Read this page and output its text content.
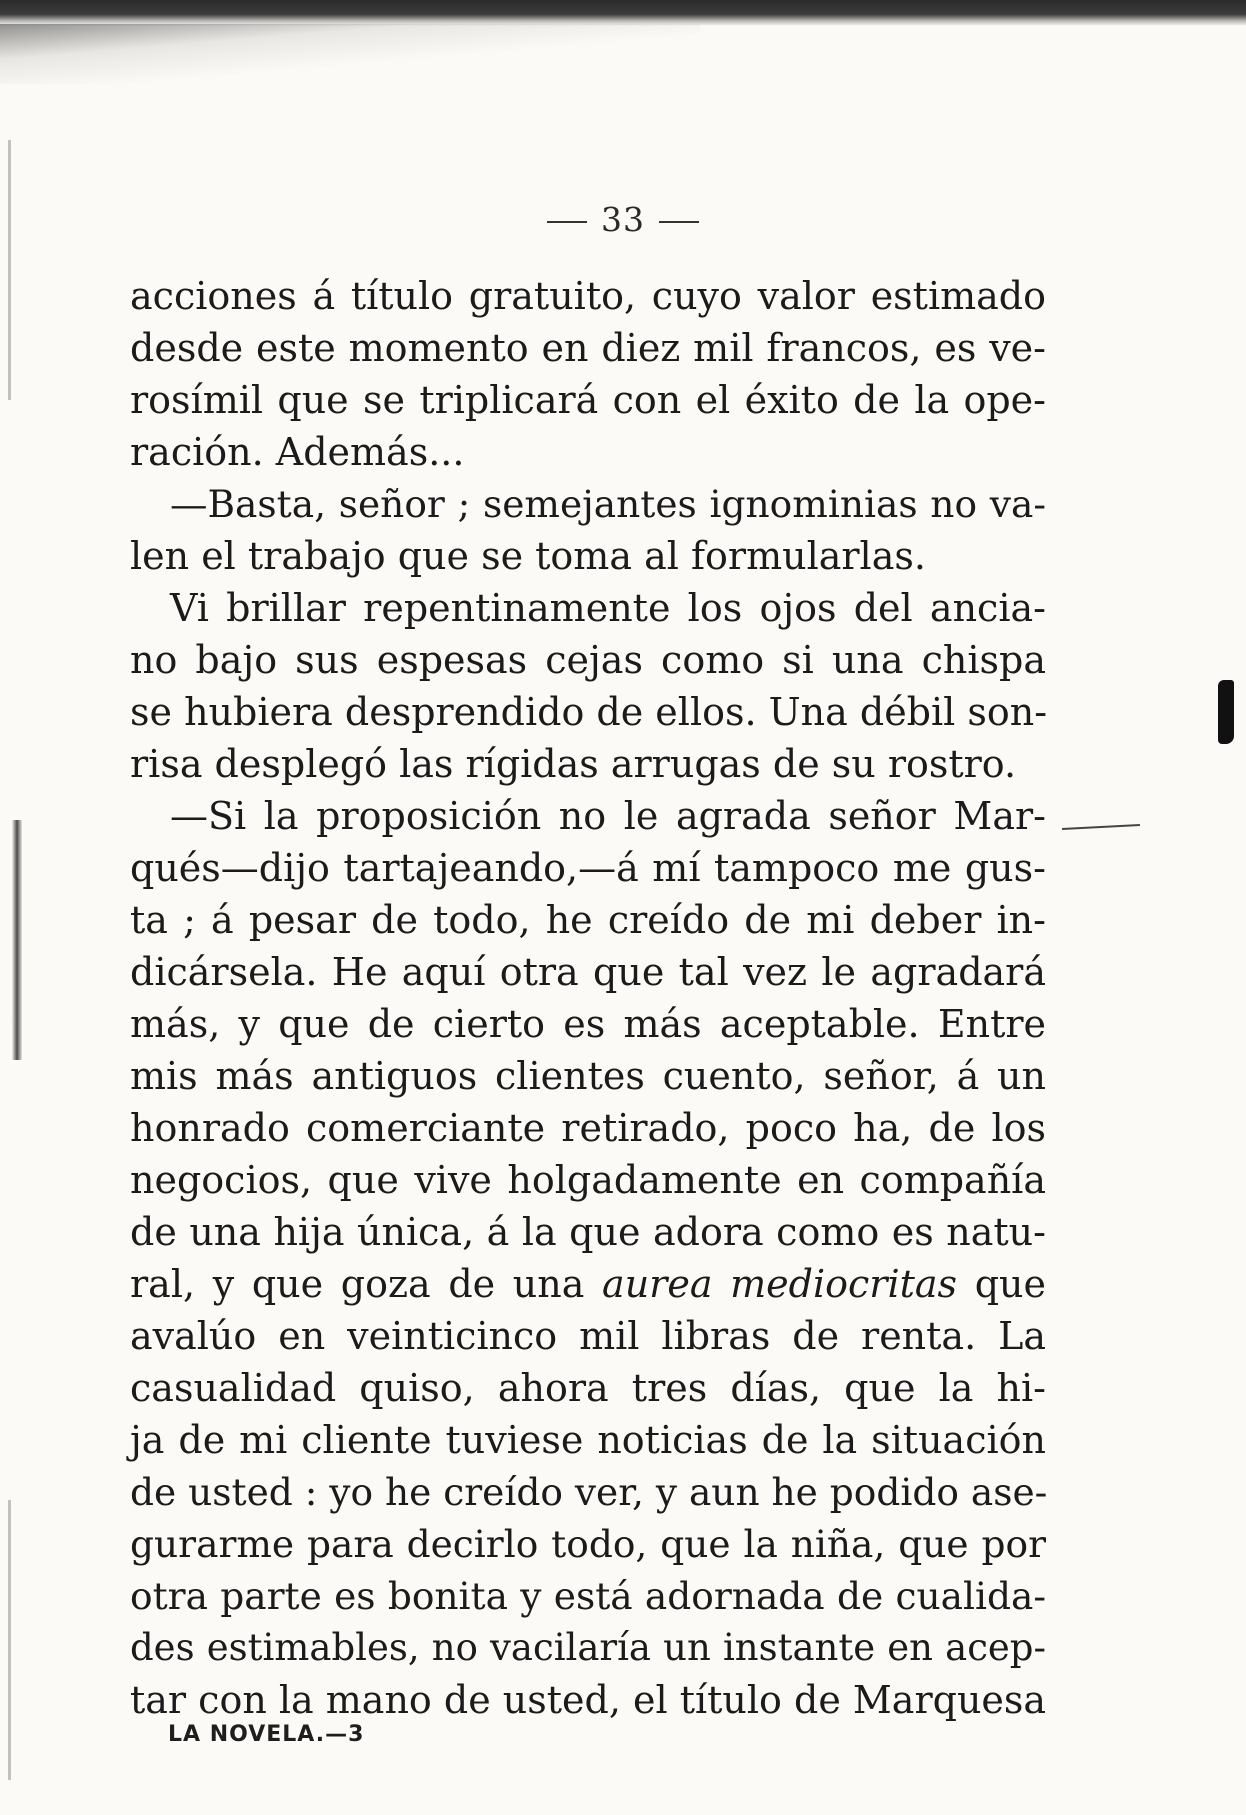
33
acciones á título gratuito, cuyo valor estimado
desde este momento en diez mil francos, es ve-
rosímil que se triplicará con el éxito de la ope-
ración. Además...
—Basta, señor ; semejantes ignominias no va-
len el trabajo que se toma al formularlas.
Vi brillar repentinamente los ojos del ancia-
no bajo sus espesas cejas como si una chispa
se hubiera desprendido de ellos. Una débil son-
risa desplegó las rígidas arrugas de su rostro.
—Si la proposición no le agrada señor Mar-
qués—dijo tartajeando,—á mí tampoco me gus-
ta ; á pesar de todo, he creído de mi deber in-
dicársela. He aquí otra que tal vez le agradará
más, y que de cierto es más aceptable. Entre
mis más antiguos clientes cuento, señor, á un
honrado comerciante retirado, poco ha, de los
negocios, que vive holgadamente en compañía
de una hija única, á la que adora como es natu-
ral, y que goza de una aurea mediocritas que
avalúo en veinticinco mil libras de renta. La
casualidad quiso, ahora tres días, que la hi-
ja de mi cliente tuviese noticias de la situación
de usted : yo he creído ver, y aun he podido ase-
gurarme para decirlo todo, que la niña, que por
otra parte es bonita y está adornada de cualida-
des estimables, no vacilaría un instante en acep-
tar con la mano de usted, el título de Marquesa
LA NOVELA.—3
